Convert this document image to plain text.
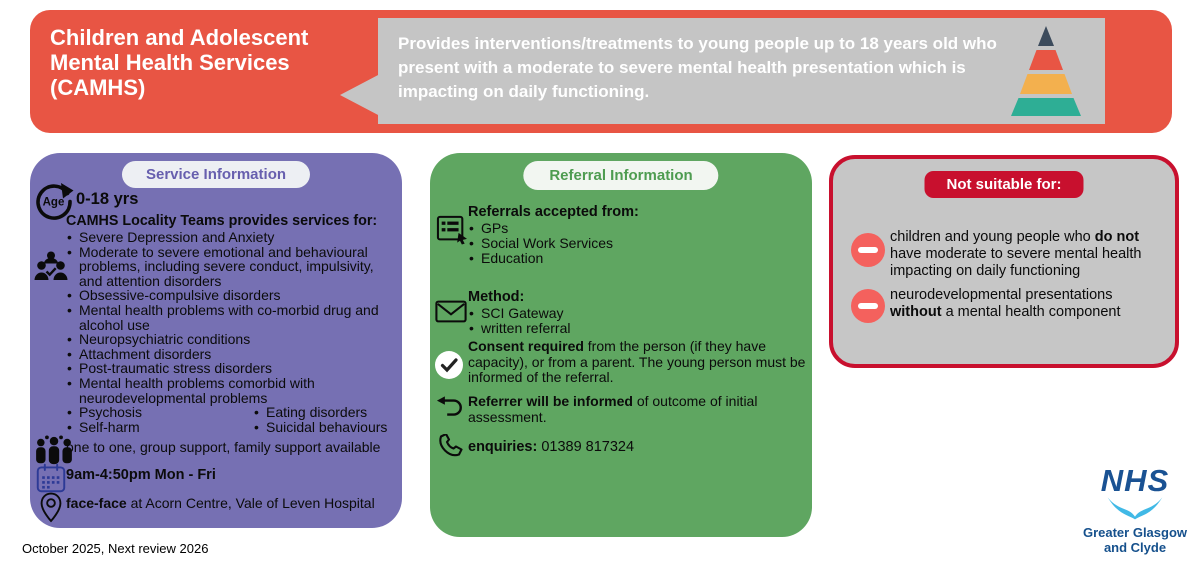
Children and Adolescent
Mental Health Services
(CAMHS)
Provides interventions/treatments to young people up to 18 years old who present with a moderate to severe mental health presentation which is impacting on daily functioning.
Service Information
Age 0-18 yrs
CAMHS Locality Teams provides services for:
• Severe Depression and Anxiety
• Moderate to severe emotional and behavioural problems, including severe conduct, impulsivity, and attention disorders
• Obsessive-compulsive disorders
• Mental health problems with co-morbid drug and alcohol use
• Neuropsychiatric conditions
• Attachment disorders
• Post-traumatic stress disorders
• Mental health problems comorbid with neurodevelopmental problems
• Psychosis
• Self-harm
• Eating disorders
• Suicidal behaviours
one to one, group support, family support available
9am-4:50pm Mon - Fri
face-face at Acorn Centre, Vale of Leven Hospital
Referral Information

Referrals accepted from:

• GPs
• Social Work Services
• Education

Method:

• SCI Gateway
• written referral
Consent required from the person (if they have capacity), or from a parent. The young person must be informed of the referral.
Referrer will be informed of outcome of initial assessment.
enquiries: 01389 817324
Not suitable for:
children and young people who do not have moderate to severe mental health impacting on daily functioning
neurodevelopmental presentations without a mental health component
October 2025, Next review 2026
NHS
Greater Glasgow
and Clyde
